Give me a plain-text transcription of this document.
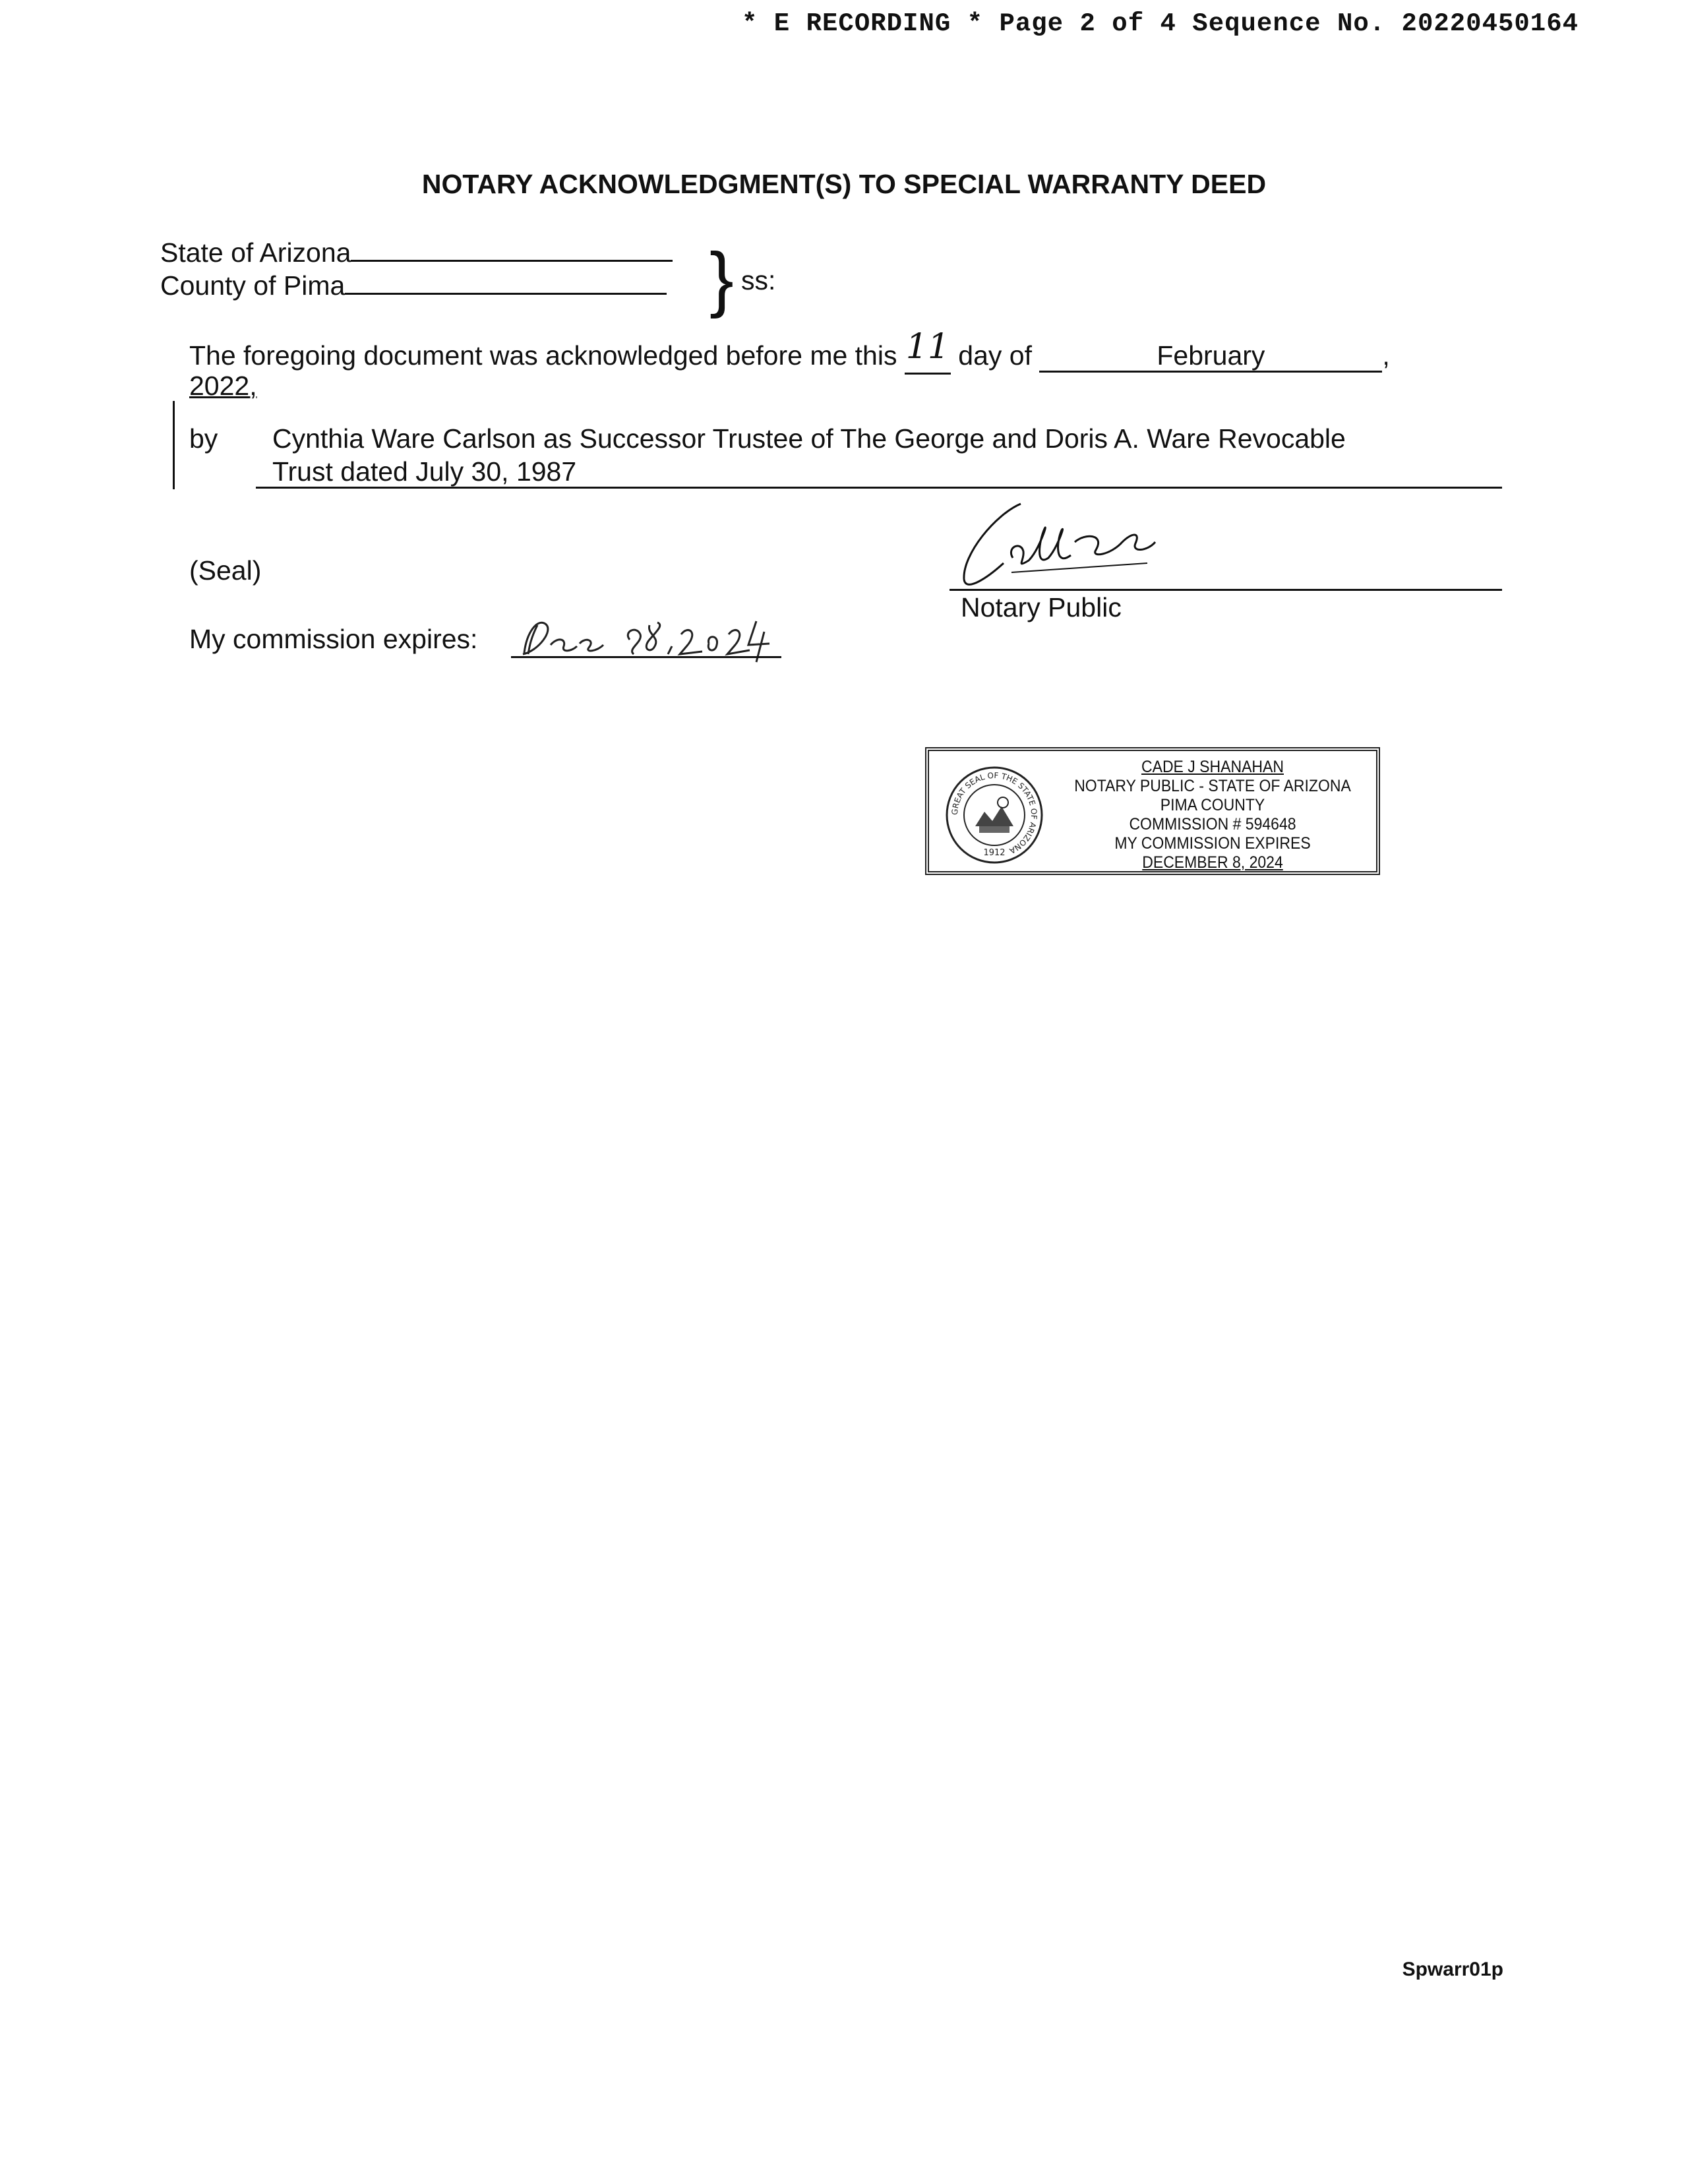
* E RECORDING * Page 2 of 4 Sequence No. 20220450164
NOTARY ACKNOWLEDGMENT(S) TO SPECIAL WARRANTY DEED
State of Arizona
County of Pima	} ss:
The foregoing document was acknowledged before me this 11 day of	February	,
2022,
by Cynthia Ware Carlson as Successor Trustee of The George and Doris A. Ware Revocable
Trust dated July 30, 1987
(Seal)
My commission expires:
Notary Public
GREAT SEAL OF THE STATE OF ARIZONA
1912
CADE J SHANAHAN
NOTARY PUBLIC - STATE OF ARIZONA
PIMA COUNTY
COMMISSION # 594648
MY COMMISSION EXPIRES
DECEMBER 8, 2024
Spwarr01p
